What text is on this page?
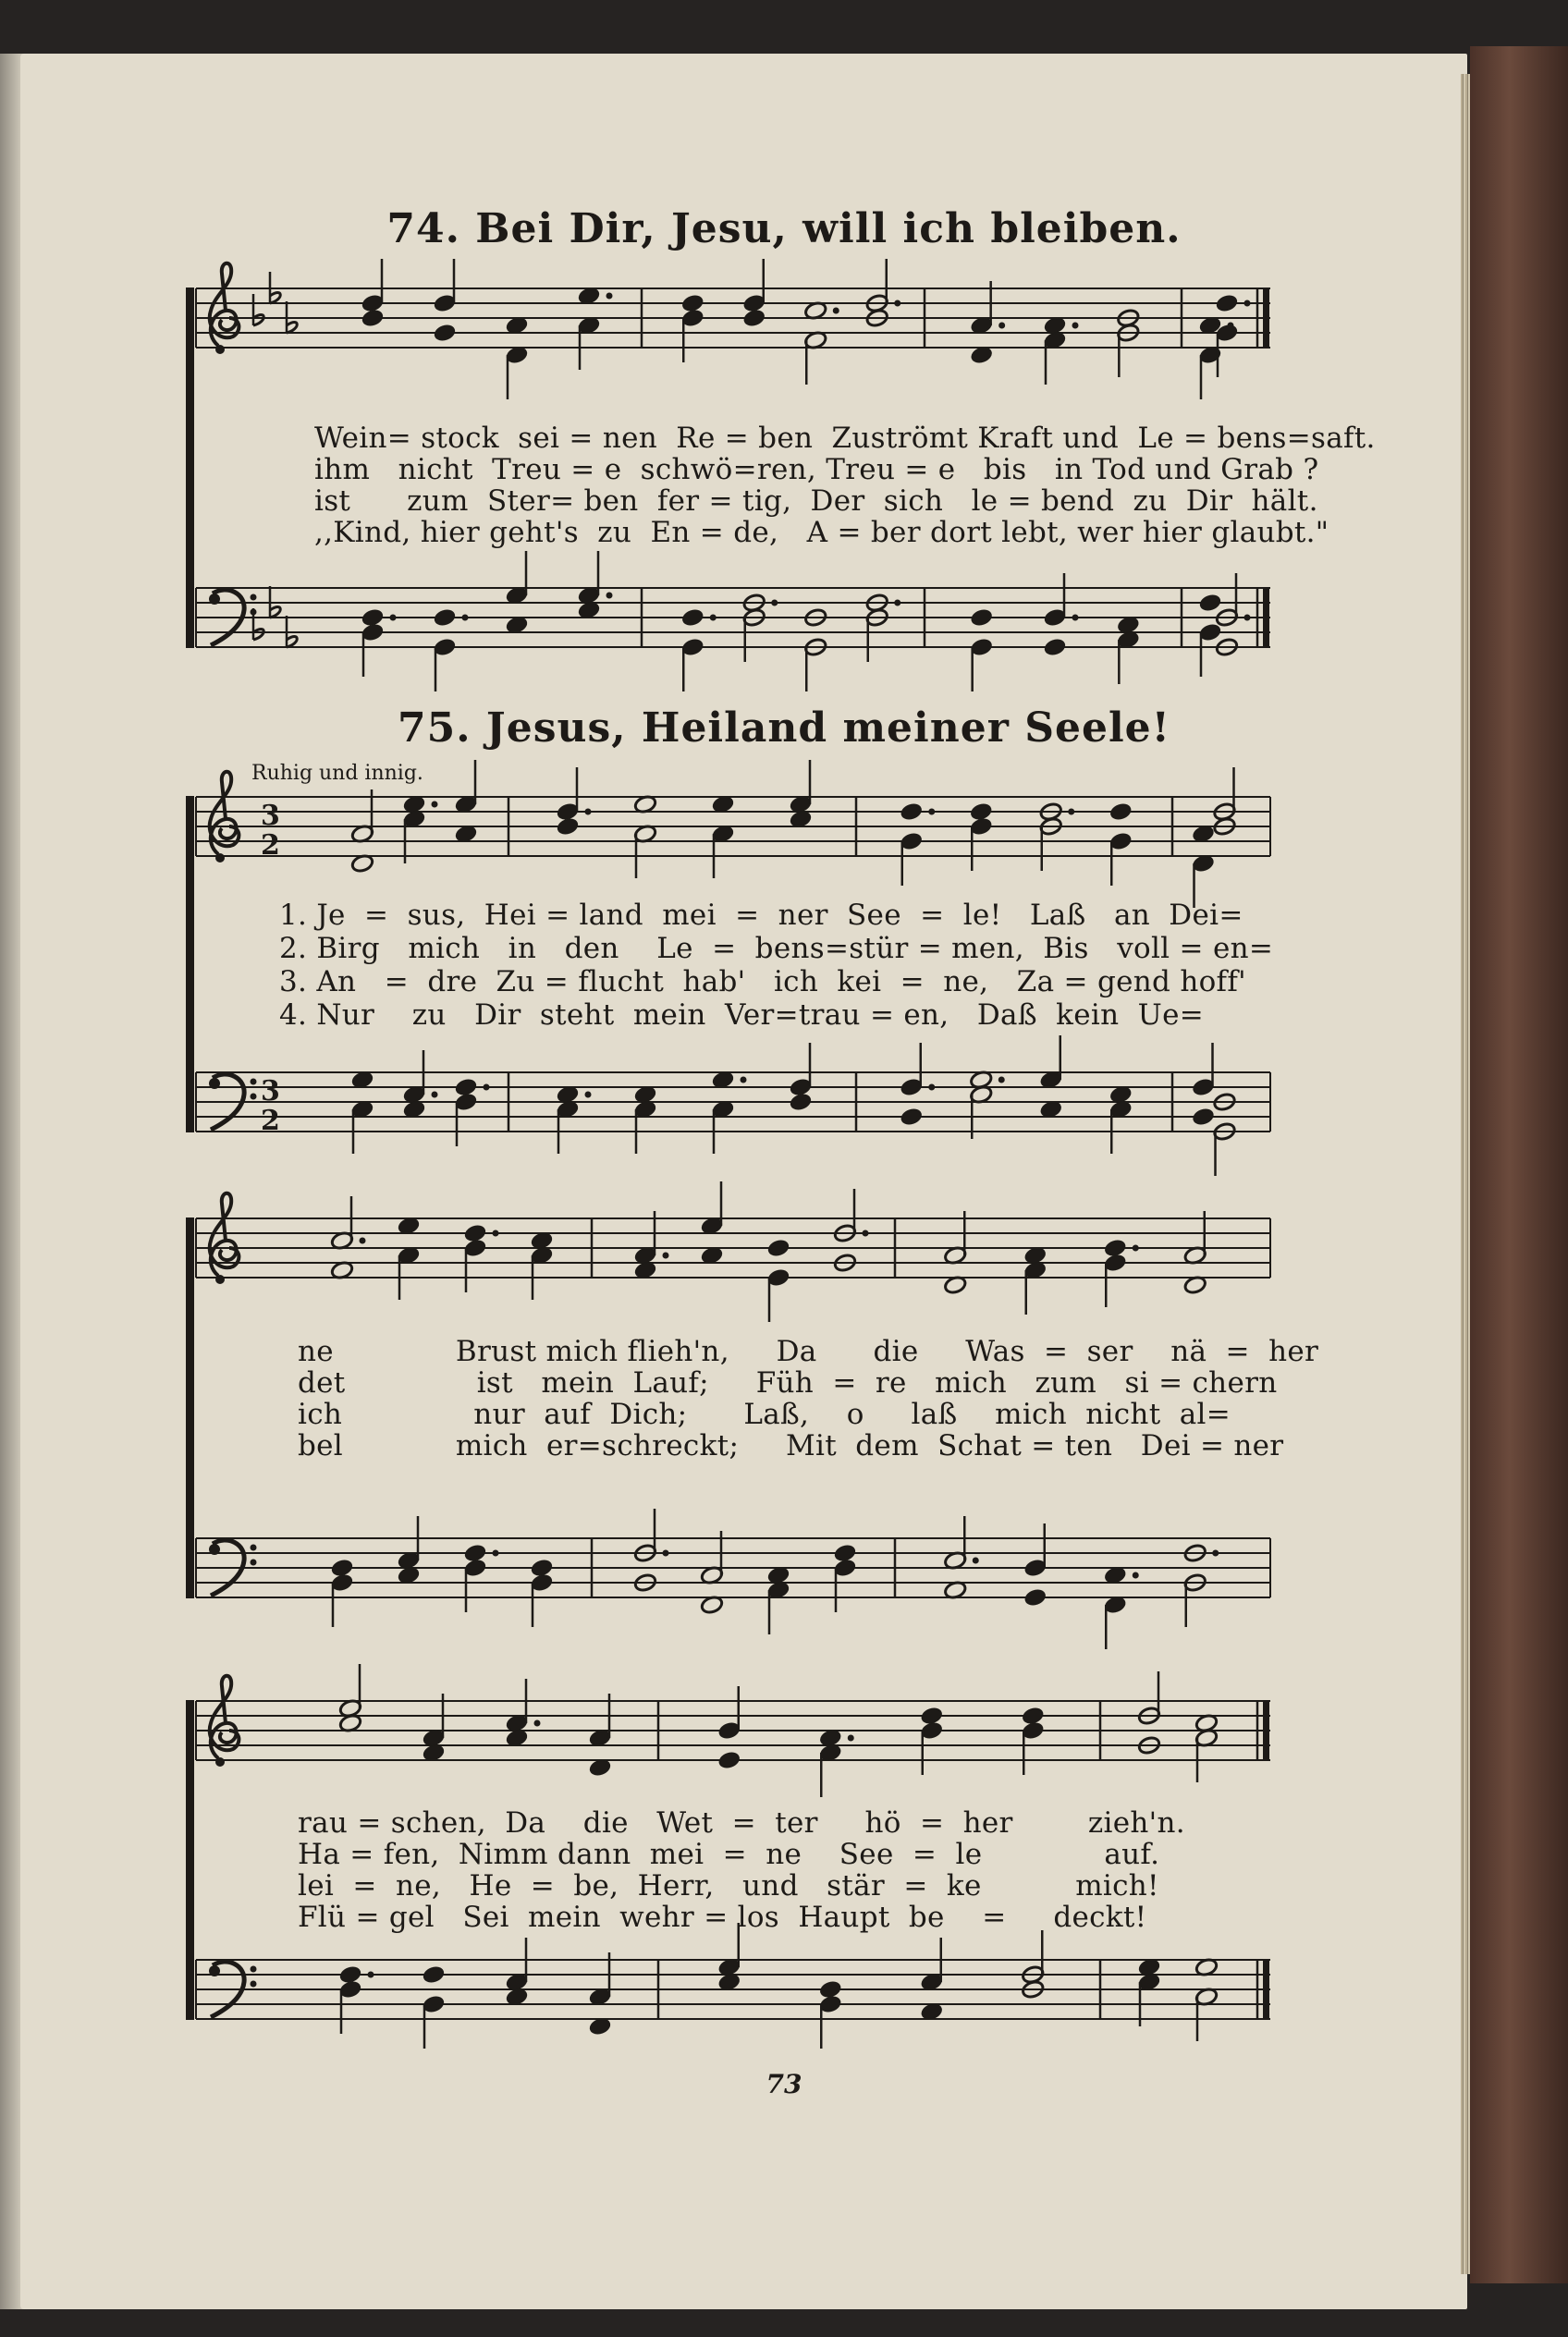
74. Bei Dir, Jesu, will ich bleiben.
75. Jesus, Heiland meiner Seele!
Ruhig und innig.
3
2
3
2
Wein= stock  sei = nen  Re = ben  Zuströmt Kraft und  Le = bens=saft.
ihm   nicht  Treu = e  schwö=ren, Treu = e   bis   in Tod und Grab ?
ist      zum  Ster= ben  fer = tig,  Der  sich   le = bend  zu  Dir  hält.
,,Kind, hier geht's  zu  En = de,   A = ber dort lebt, wer hier glaubt."
1. Je  =  sus,  Hei = land  mei  =  ner  See  =  le!   Laß   an  Dei=
2. Birg   mich   in   den    Le  =  bens=stür = men,  Bis   voll = en=
3. An   =  dre  Zu = flucht  hab'   ich  kei  =  ne,   Za = gend hoff'
4. Nur    zu   Dir  steht  mein  Ver=trau = en,   Daß  kein  Ue=
ne             Brust mich flieh'n,     Da      die     Was  =  ser    nä  =  her
det              ist   mein  Lauf;     Füh  =  re   mich   zum   si = chern
ich              nur  auf  Dich;      Laß,    o     laß    mich  nicht  al=
bel            mich  er=schreckt;     Mit  dem  Schat = ten   Dei = ner
rau = schen,  Da    die   Wet  =  ter     hö  =  her        zieh'n.
Ha = fen,  Nimm dann  mei  =  ne    See  =  le             auf.
lei  =  ne,   He  =  be,  Herr,   und   stär  =  ke          mich!
Flü = gel   Sei  mein  wehr = los  Haupt  be    =     deckt!
73
